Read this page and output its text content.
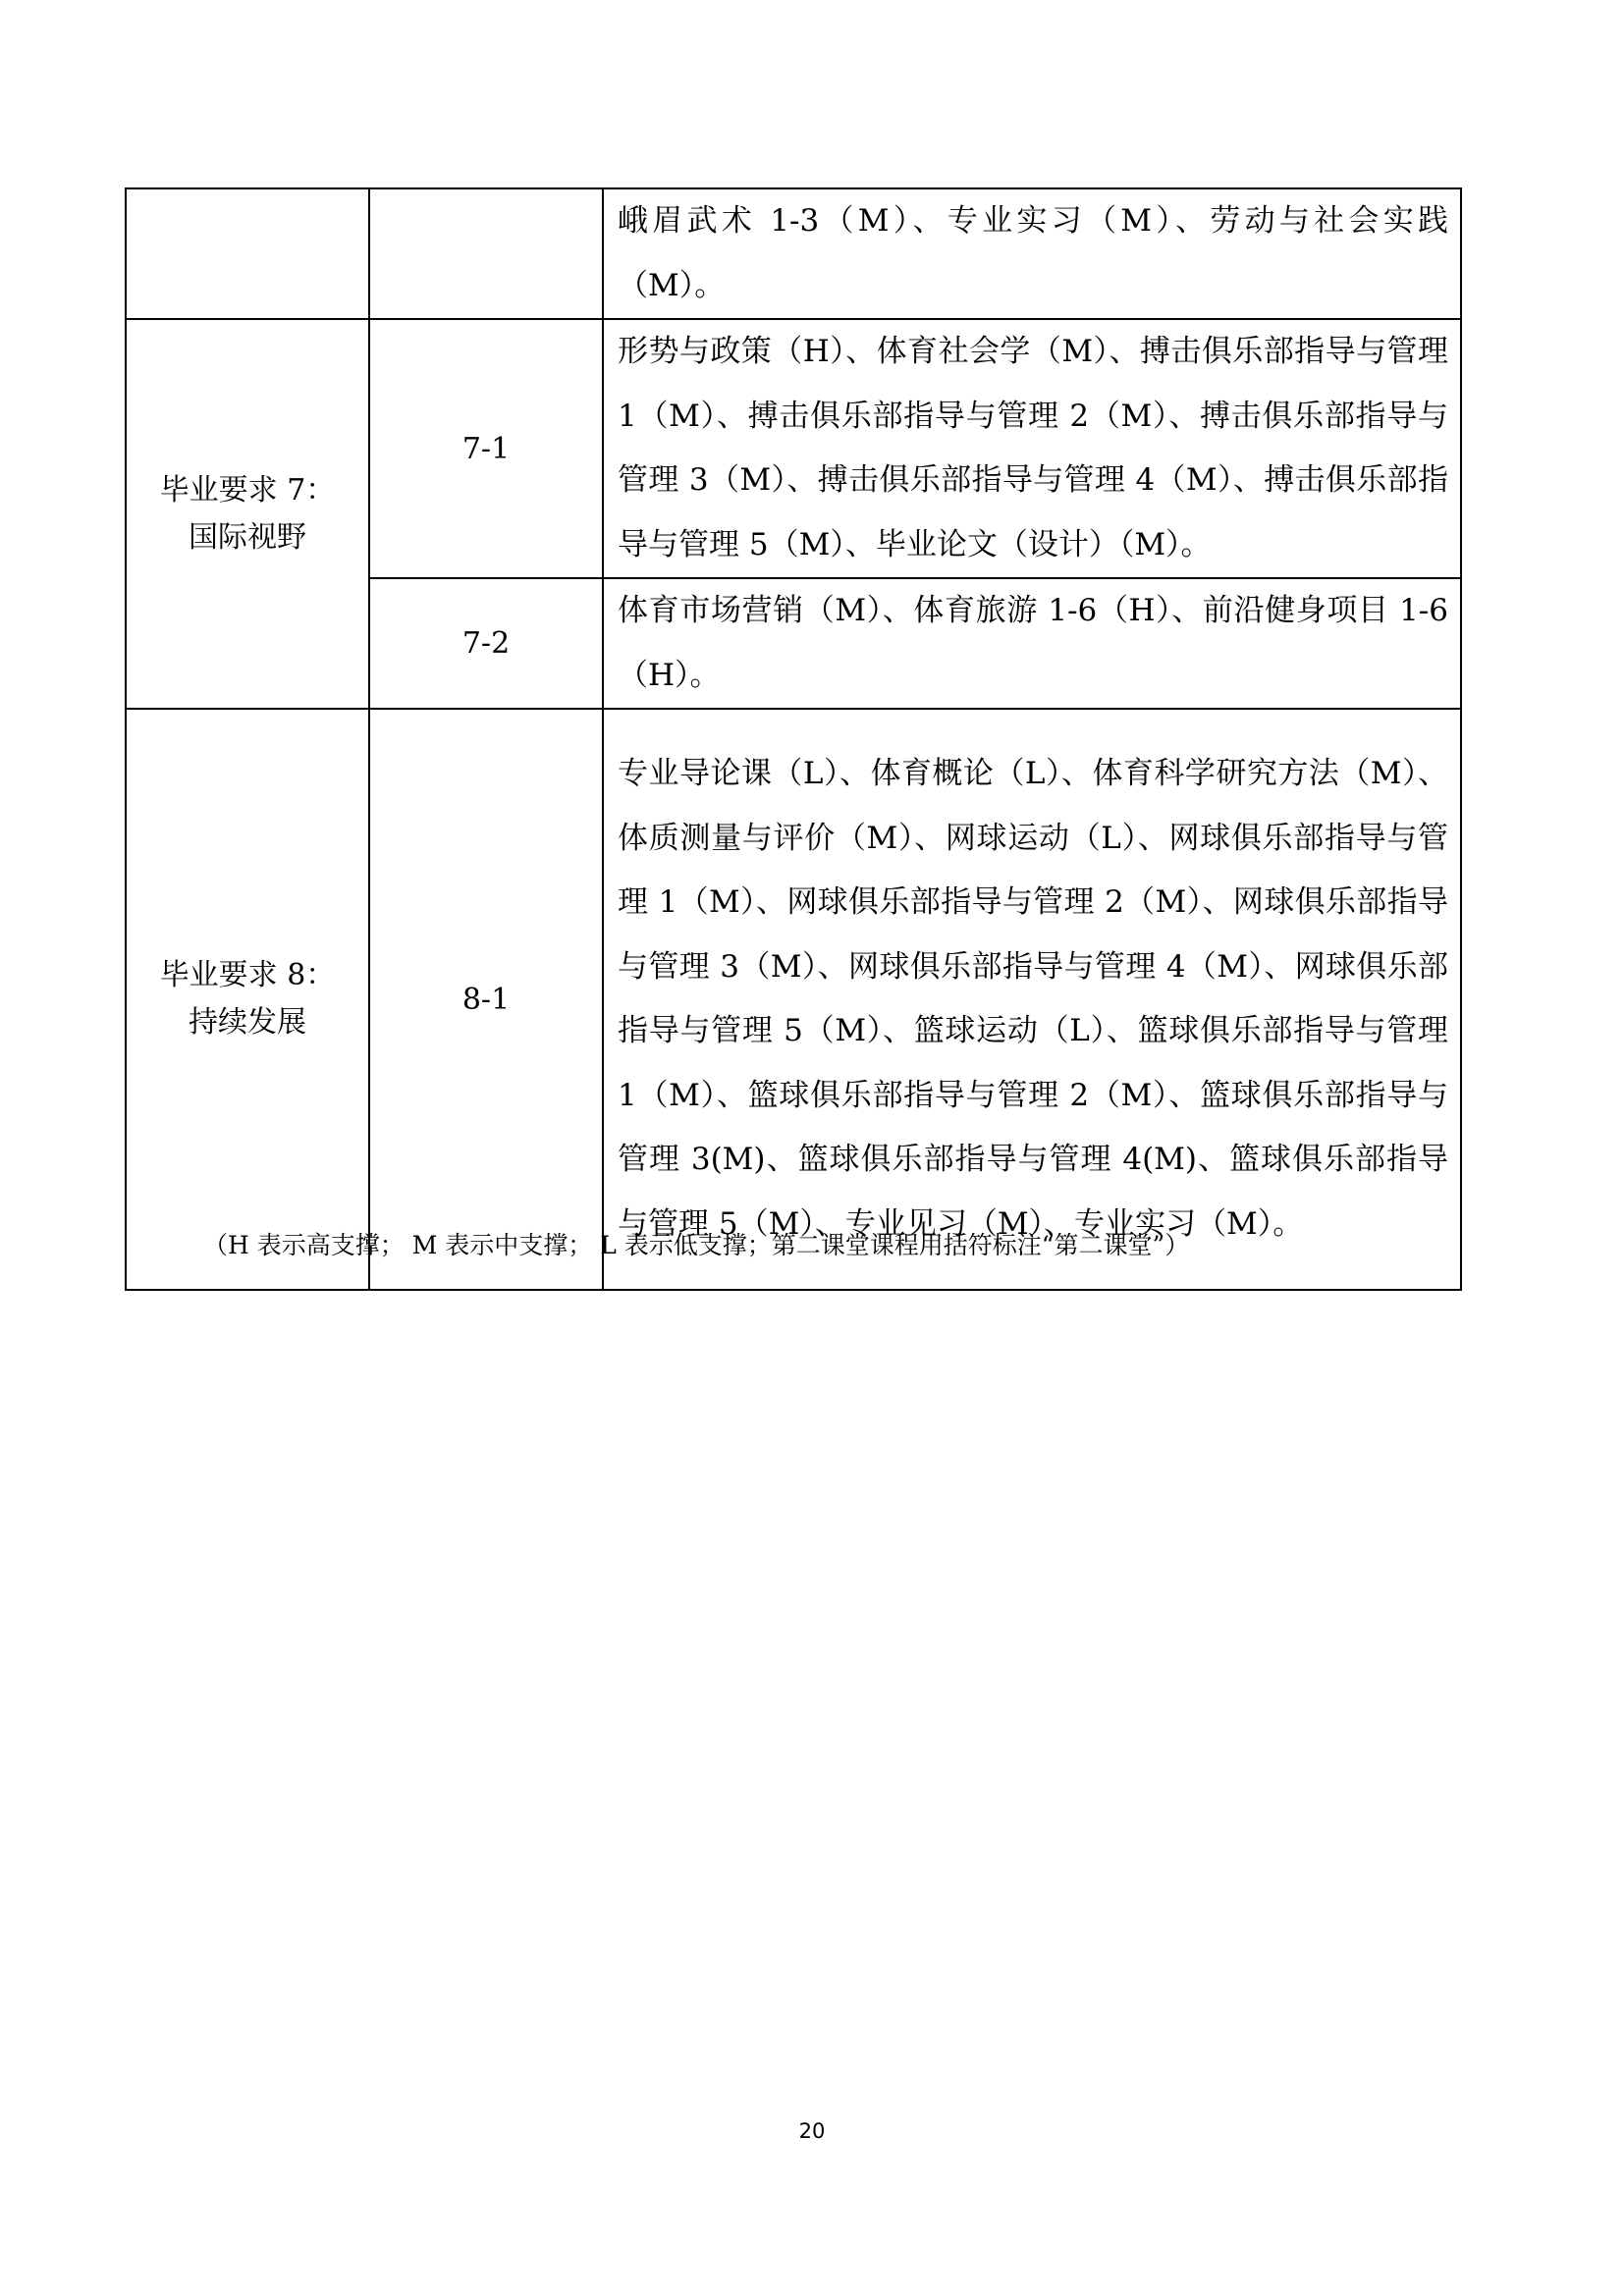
		峨眉武术 1-3（M）、专业实习（M）、劳动与社会实践（M）。

毕业要求 7：
国际视野	7-1	形势与政策（H）、体育社会学（M）、搏击俱乐部指导与管理 1（M）、搏击俱乐部指导与管理 2（M）、搏击俱乐部指导与管理 3（M）、搏击俱乐部指导与管理 4（M）、搏击俱乐部指导与管理 5（M）、毕业论文（设计）（M）。
	7-2	体育市场营销（M）、体育旅游 1-6（H）、前沿健身项目 1-6（H）。

毕业要求 8：
持续发展	8-1	专业导论课（L）、体育概论（L）、体育科学研究方法（M）、体质测量与评价（M）、网球运动（L）、网球俱乐部指导与管理 1（M）、网球俱乐部指导与管理 2（M）、网球俱乐部指导与管理 3（M）、网球俱乐部指导与管理 4（M）、网球俱乐部指导与管理 5（M）、篮球运动（L）、篮球俱乐部指导与管理 1（M）、篮球俱乐部指导与管理 2（M）、篮球俱乐部指导与管理 3(M)、篮球俱乐部指导与管理 4(M)、篮球俱乐部指导与管理 5（M）、专业见习（M）、专业实习（M）。
（H 表示高支撑； M 表示中支撑； L 表示低支撑；第二课堂课程用括符标注“第二课堂”）
20
